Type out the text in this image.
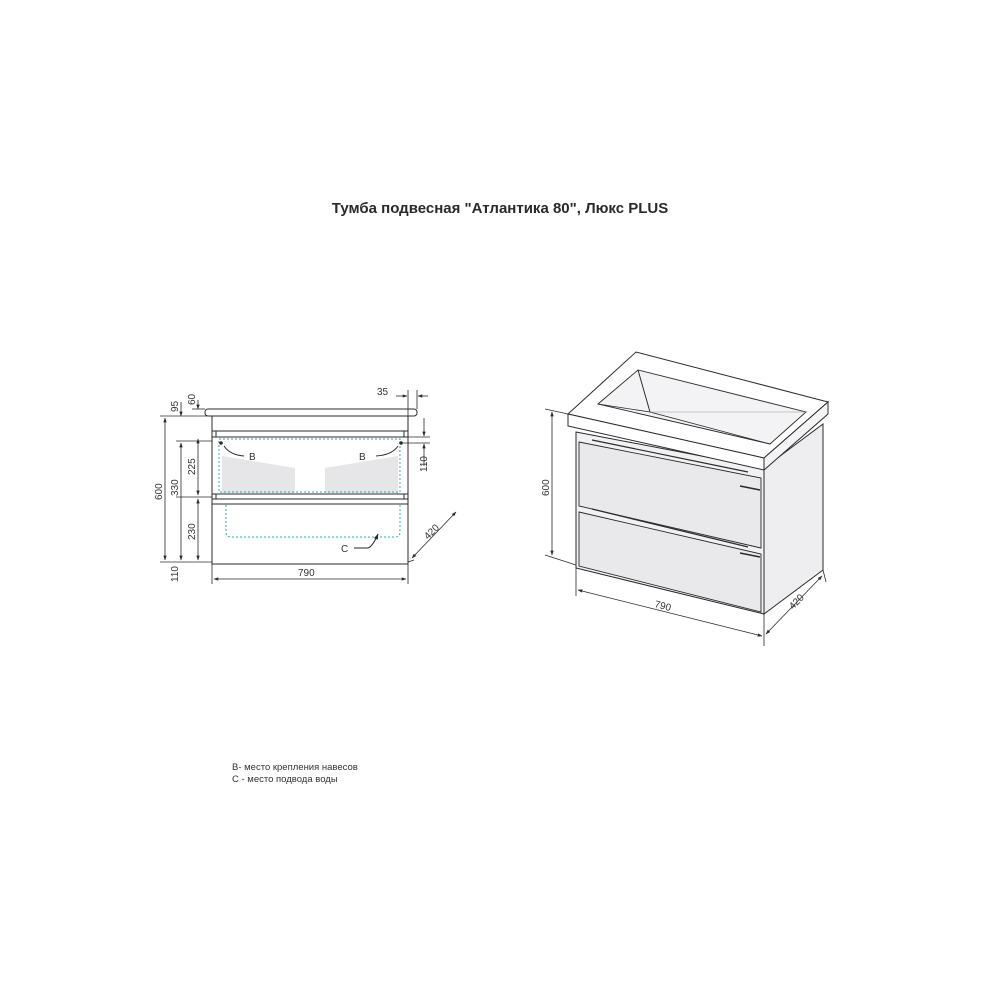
Тумба подвесная "Атлантика 80", Люкс PLUS
B	B
C
600
95
60
330
225
230
110
35
110
790
420
600
790	420
B- место крепления навесов
C - место подвода воды
